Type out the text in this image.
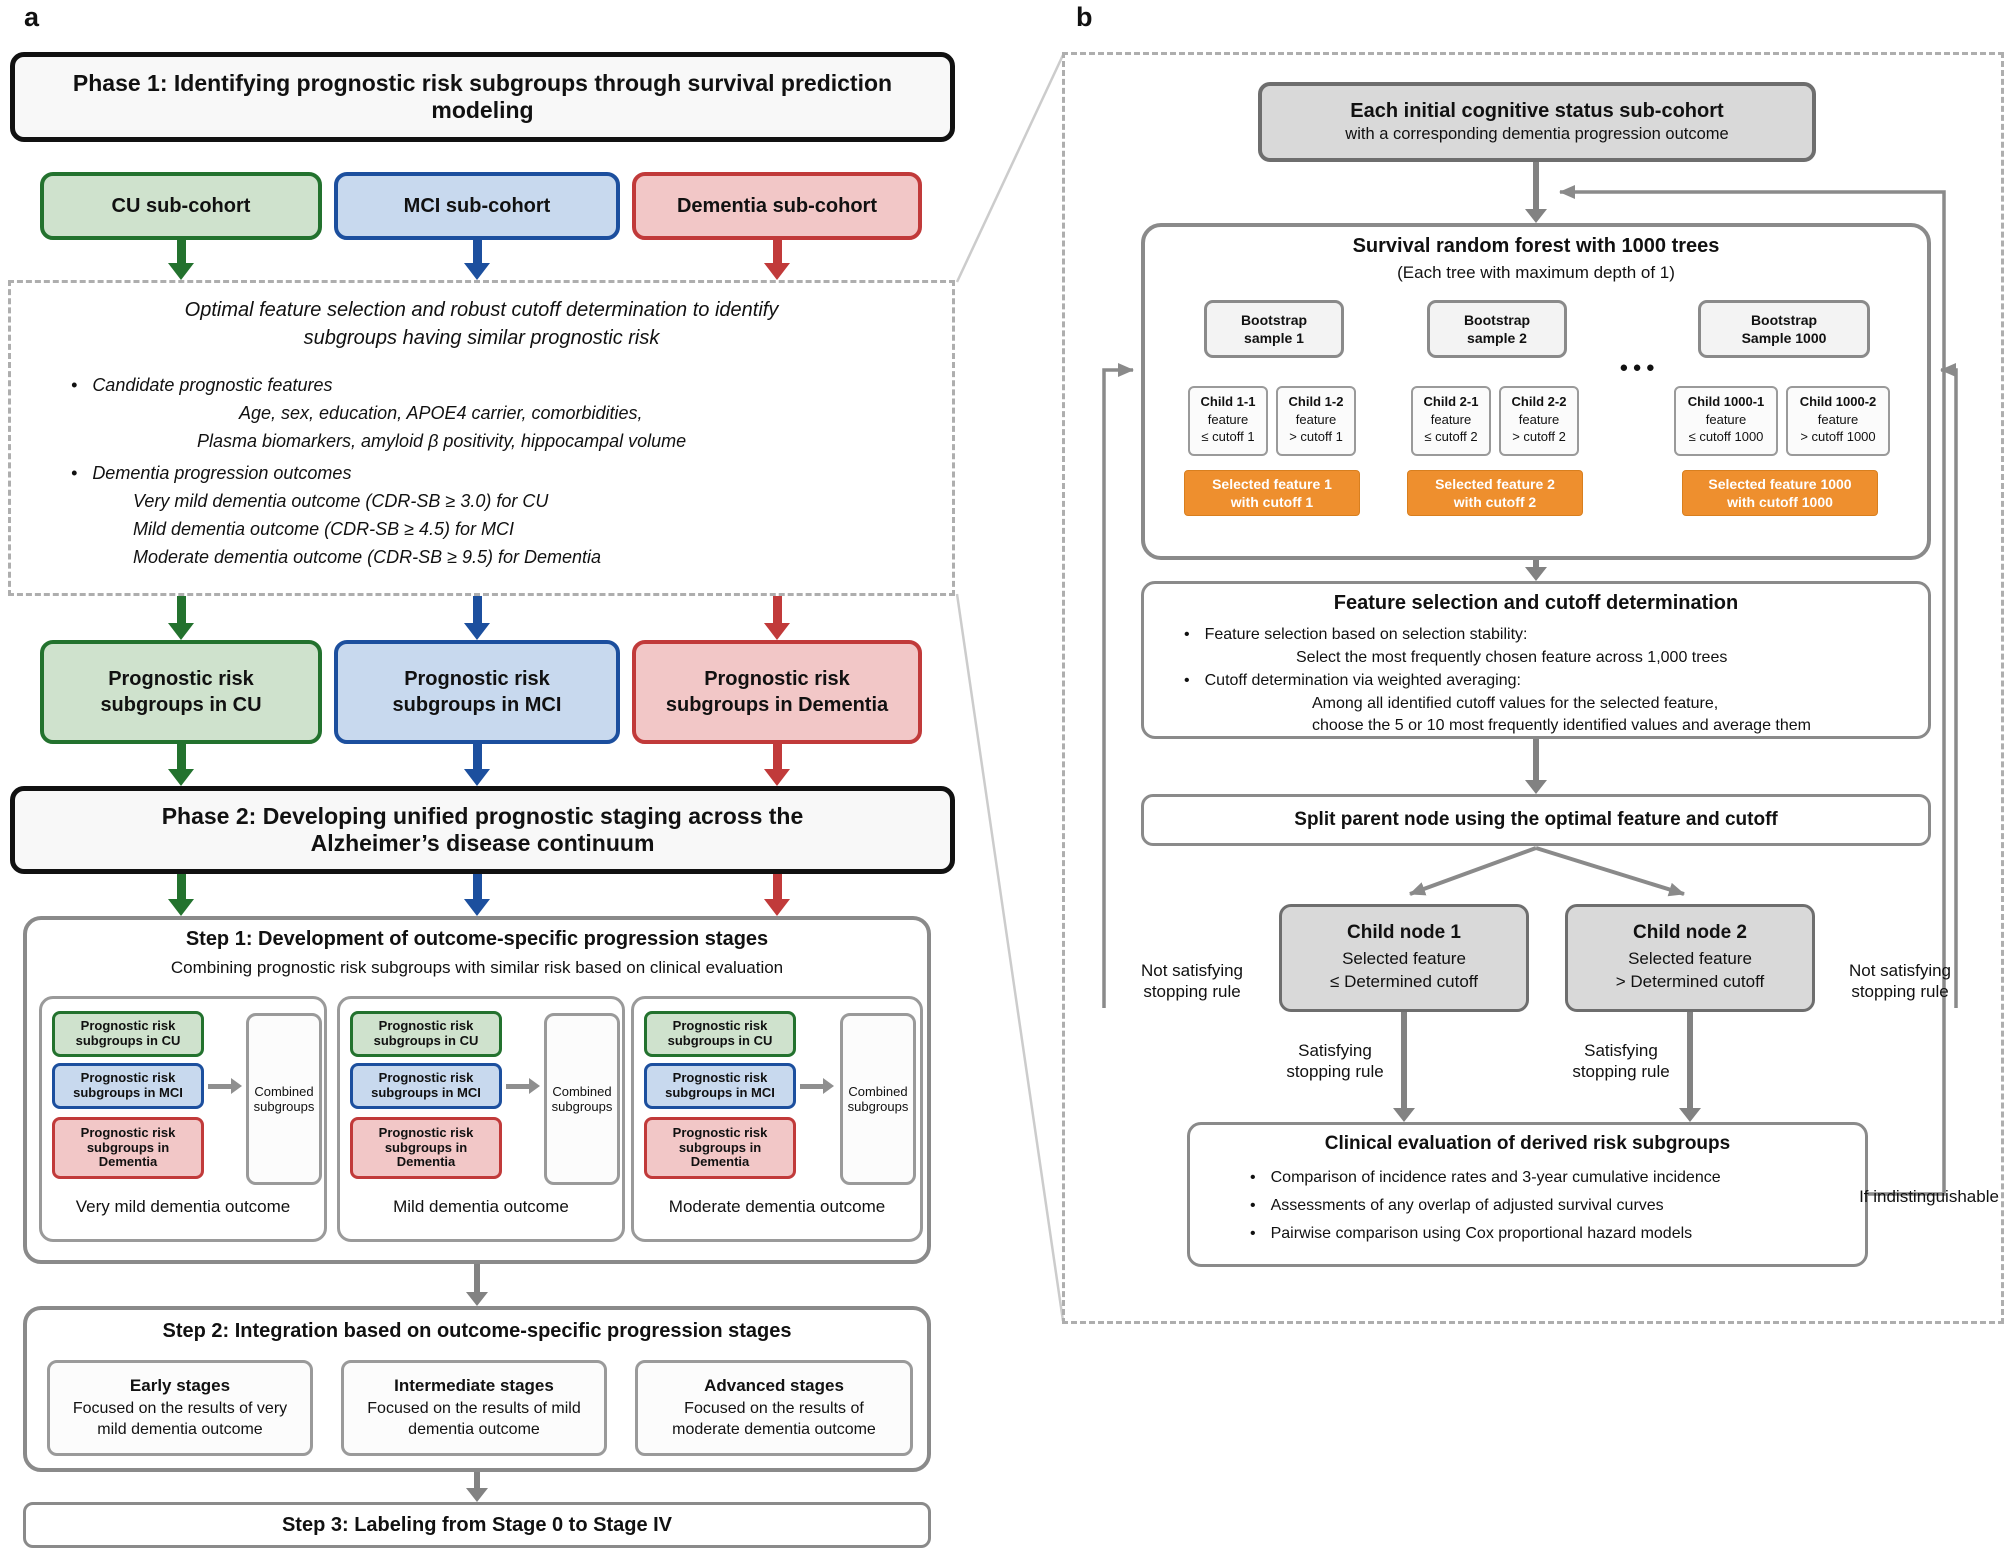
a
Phase 1: Identifying prognostic risk subgroups through survival prediction modeling
CU sub-cohort	MCI sub-cohort	Dementia sub-cohort
Optimal feature selection and robust cutoff determination to identify
subgroups having similar prognostic risk
• Candidate prognostic features
Age, sex, education, APOE4 carrier, comorbidities,
Plasma biomarkers, amyloid β positivity, hippocampal volume
• Dementia progression outcomes
Very mild dementia outcome (CDR-SB ≥ 3.0) for CU
Mild dementia outcome (CDR-SB ≥ 4.5) for MCI
Moderate dementia outcome (CDR-SB ≥ 9.5) for Dementia
Prognostic risk
subgroups in CU
Prognostic risk
subgroups in MCI
Prognostic risk
subgroups in Dementia
Phase 2: Developing unified prognostic staging across the Alzheimer’s disease continuum
Step 1: Development of outcome-specific progression stages
Combining prognostic risk subgroups with similar risk based on clinical evaluation
Prognostic risk subgroups in CU
Prognostic risk subgroups in MCI
Prognostic risk subgroups in Dementia
Combined subgroups
Very mild dementia outcome
Prognostic risk subgroups in CU
Prognostic risk subgroups in MCI
Prognostic risk subgroups in Dementia
Combined subgroups
Mild dementia outcome
Prognostic risk subgroups in CU
Prognostic risk subgroups in MCI
Prognostic risk subgroups in Dementia
Combined subgroups
Moderate dementia outcome
Step 2: Integration based on outcome-specific progression stages
Early stages
Focused on the results of very mild dementia outcome
Intermediate stages
Focused on the results of mild dementia outcome
Advanced stages
Focused on the results of moderate dementia outcome
Step 3: Labeling from Stage 0 to Stage IV
b
Each initial cognitive status sub-cohort
with a corresponding dementia progression outcome
Survival random forest with 1000 trees
(Each tree with maximum depth of 1)
Bootstrap
sample 1
Child 1-1
feature
≤ cutoff 1
Child 1-2
feature
> cutoff 1
Selected feature 1
with cutoff 1
Bootstrap
sample 2
Child 2-1
feature
≤ cutoff 2
Child 2-2
feature
> cutoff 2
Selected feature 2
with cutoff 2
● ● ●
Bootstrap
Sample 1000
Child 1000-1
feature
≤ cutoff 1000
Child 1000-2
feature
> cutoff 1000
Selected feature 1000
with cutoff 1000
Feature selection and cutoff determination
• Feature selection based on selection stability:
Select the most frequently chosen feature across 1,000 trees
• Cutoff determination via weighted averaging:
Among all identified cutoff values for the selected feature,
choose the 5 or 10 most frequently identified values and average them
Split parent node using the optimal feature and cutoff
Child node 1
Selected feature
≤ Determined cutoff
Child node 2
Selected feature
> Determined cutoff
Not satisfying stopping rule
Not satisfying stopping rule
Satisfying stopping rule
Satisfying stopping rule
Clinical evaluation of derived risk subgroups
• Comparison of incidence rates and 3-year cumulative incidence
• Assessments of any overlap of adjusted survival curves
• Pairwise comparison using Cox proportional hazard models
If indistinguishable
